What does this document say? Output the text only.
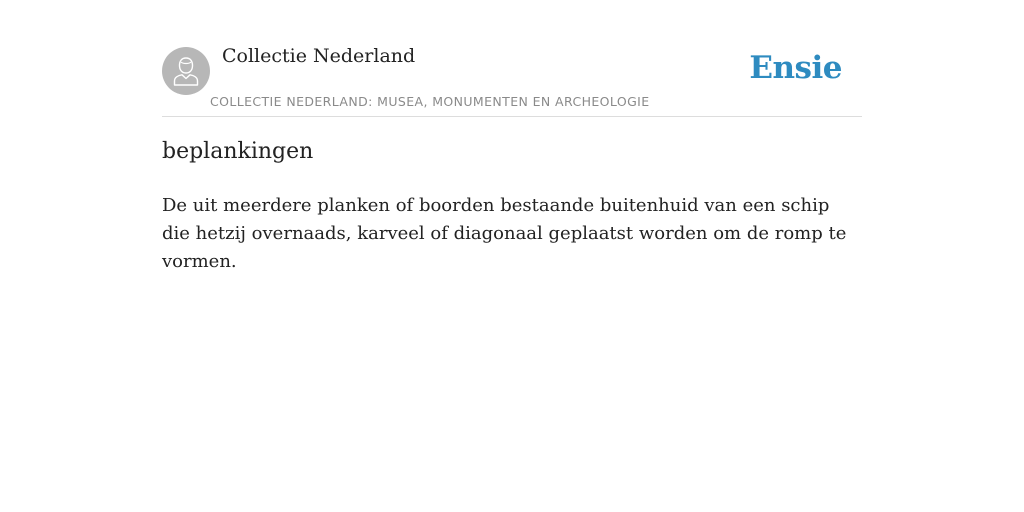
Collectie Nederland
COLLECTIE NEDERLAND: MUSEA, MONUMENTEN EN ARCHEOLOGIE
Ensie
beplankingen

De uit meerdere planken of boorden bestaande buitenhuid van een schip die hetzij overnaads, karveel of diagonaal geplaatst worden om de romp te vormen.
